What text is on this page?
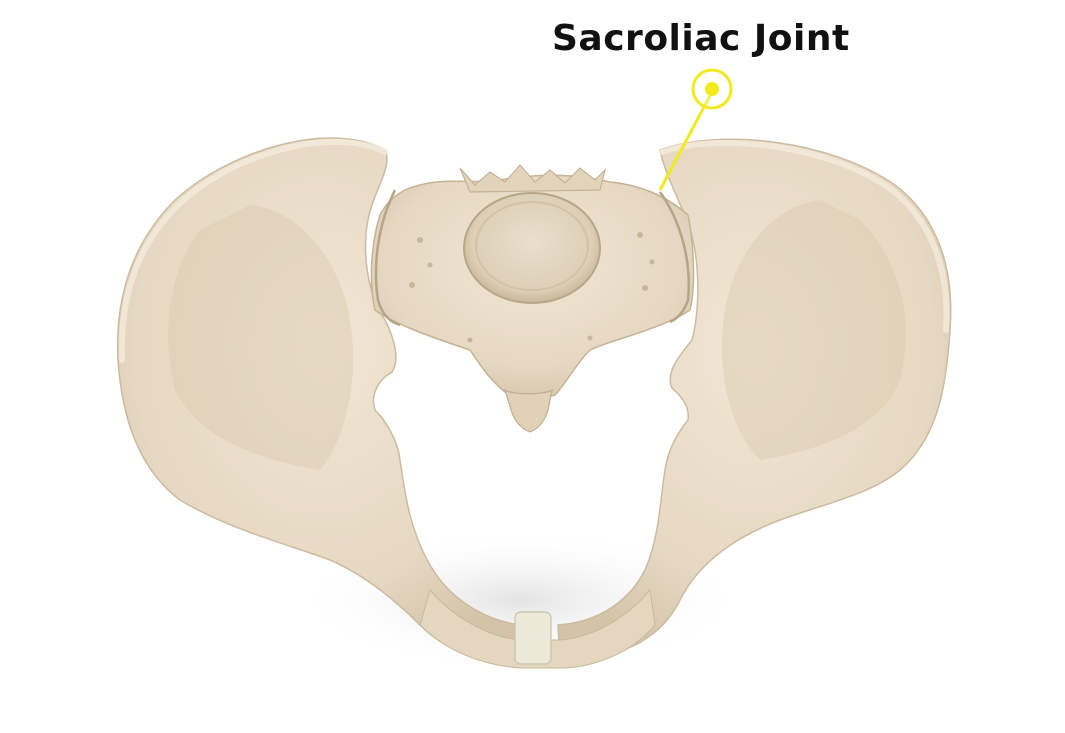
Sacroliac Joint
